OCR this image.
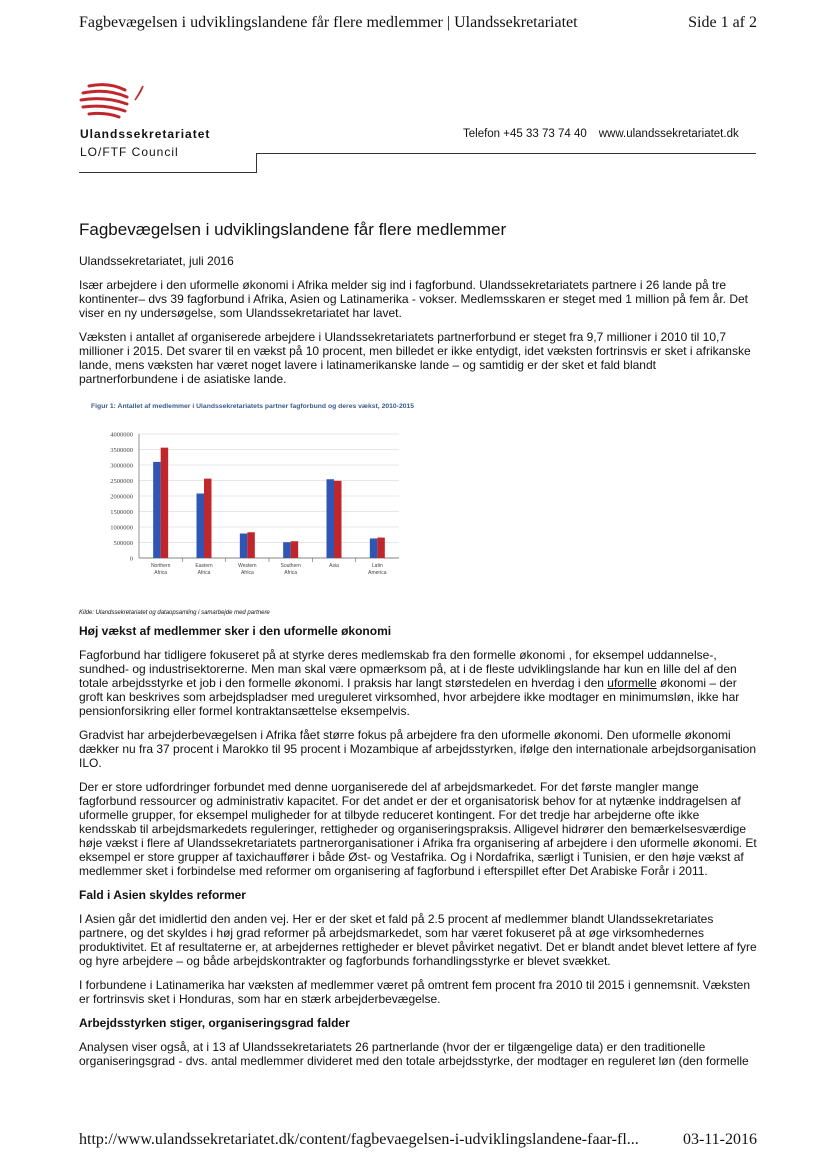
Fagbevægelsen i udviklingslandene får flere medlemmer | Ulandssekretariatet	Side 1 af 2
Ulandssekretariatet
LO/FTF Council
Telefon +45 33 73 74 40 www.ulandssekretariatet.dk
Fagbevægelsen i udviklingslandene får flere medlemmer

Ulandssekretariatet, juli 2016

Især arbejdere i den uformelle økonomi i Afrika melder sig ind i fagforbund. Ulandssekretariatets partnere i 26 lande på tre kontinenter– dvs 39 fagforbund i Afrika, Asien og Latinamerika - vokser. Medlemsskaren er steget med 1 million på fem år. Det viser en ny undersøgelse, som Ulandssekretariatet har lavet.

Væksten i antallet af organiserede arbejdere i Ulandssekretariatets partnerforbund er steget fra 9,7 millioner i 2010 til 10,7 millioner i 2015. Det svarer til en vækst på 10 procent, men billedet er ikke entydigt, idet væksten fortrinsvis er sket i afrikanske lande, mens væksten har været noget lavere i latinamerikanske lande – og samtidig er der sket et fald blandt partnerforbundene i de asiatiske lande.

Figur 1: Antallet af medlemmer i Ulandssekretariatets partner fagforbund og deres vækst, 2010-2015
4000000
3500000
3000000
2500000
2000000
1500000
1000000
500000
0
Northern
Africa
Eastern
Africa
Western
Africa
Southern
Africa
Asia	Latin
America
Kilde: Ulandssekretariatet og dataopsamling i samarbejde med partnere
Høj vækst af medlemmer sker i den uformelle økonomi

Fagforbund har tidligere fokuseret på at styrke deres medlemskab fra den formelle økonomi , for eksempel uddannelse-, sundhed- og industrisektorerne. Men man skal være opmærksom på, at i de fleste udviklingslande har kun en lille del af den totale arbejdsstyrke et job i den formelle økonomi. I praksis har langt størstedelen en hverdag i den uformelle økonomi – der groft kan beskrives som arbejdspladser med ureguleret virksomhed, hvor arbejdere ikke modtager en minimumsløn, ikke har pensionforsikring eller formel kontraktansættelse eksempelvis.

Gradvist har arbejderbevægelsen i Afrika fået større fokus på arbejdere fra den uformelle økonomi. Den uformelle økonomi dækker nu fra 37 procent i Marokko til 95 procent i Mozambique af arbejdsstyrken, ifølge den internationale arbejdsorganisation ILO.

Der er store udfordringer forbundet med denne uorganiserede del af arbejdsmarkedet. For det første mangler mange fagforbund ressourcer og administrativ kapacitet. For det andet er der et organisatorisk behov for at nytænke inddragelsen af uformelle grupper, for eksempel muligheder for at tilbyde reduceret kontingent. For det tredje har arbejderne ofte ikke kendsskab til arbejdsmarkedets reguleringer, rettigheder og organiseringspraksis. Alligevel hidrører den bemærkelsesværdige høje vækst i flere af Ulandssekretariatets partnerorganisationer i Afrika fra organisering af arbejdere i den uformelle økonomi. Et eksempel er store grupper af taxichauffører i både Øst- og Vestafrika. Og i Nordafrika, særligt i Tunisien, er den høje vækst af medlemmer sket i forbindelse med reformer om organisering af fagforbund i efterspillet efter Det Arabiske Forår i 2011.

Fald i Asien skyldes reformer

I Asien går det imidlertid den anden vej. Her er der sket et fald på 2.5 procent af medlemmer blandt Ulandssekretariates partnere, og det skyldes i høj grad reformer på arbejdsmarkedet, som har været fokuseret på at øge virksomhedernes produktivitet. Et af resultaterne er, at arbejdernes rettigheder er blevet påvirket negativt. Det er blandt andet blevet lettere af fyre og hyre arbejdere – og både arbejdskontrakter og fagforbunds forhandlingsstyrke er blevet svækket.

I forbundene i Latinamerika har væksten af medlemmer været på omtrent fem procent fra 2010 til 2015 i gennemsnit. Væksten er fortrinsvis sket i Honduras, som har en stærk arbejderbevægelse.

Arbejdsstyrken stiger, organiseringsgrad falder

Analysen viser også, at i 13 af Ulandssekretariatets 26 partnerlande (hvor der er tilgængelige data) er den traditionelle organiseringsgrad - dvs. antal medlemmer divideret med den totale arbejdsstyrke, der modtager en reguleret løn (den formelle

http://www.ulandssekretariatet.dk/content/fagbevaegelsen-i-udviklingslandene-faar-fl...	03-11-2016
